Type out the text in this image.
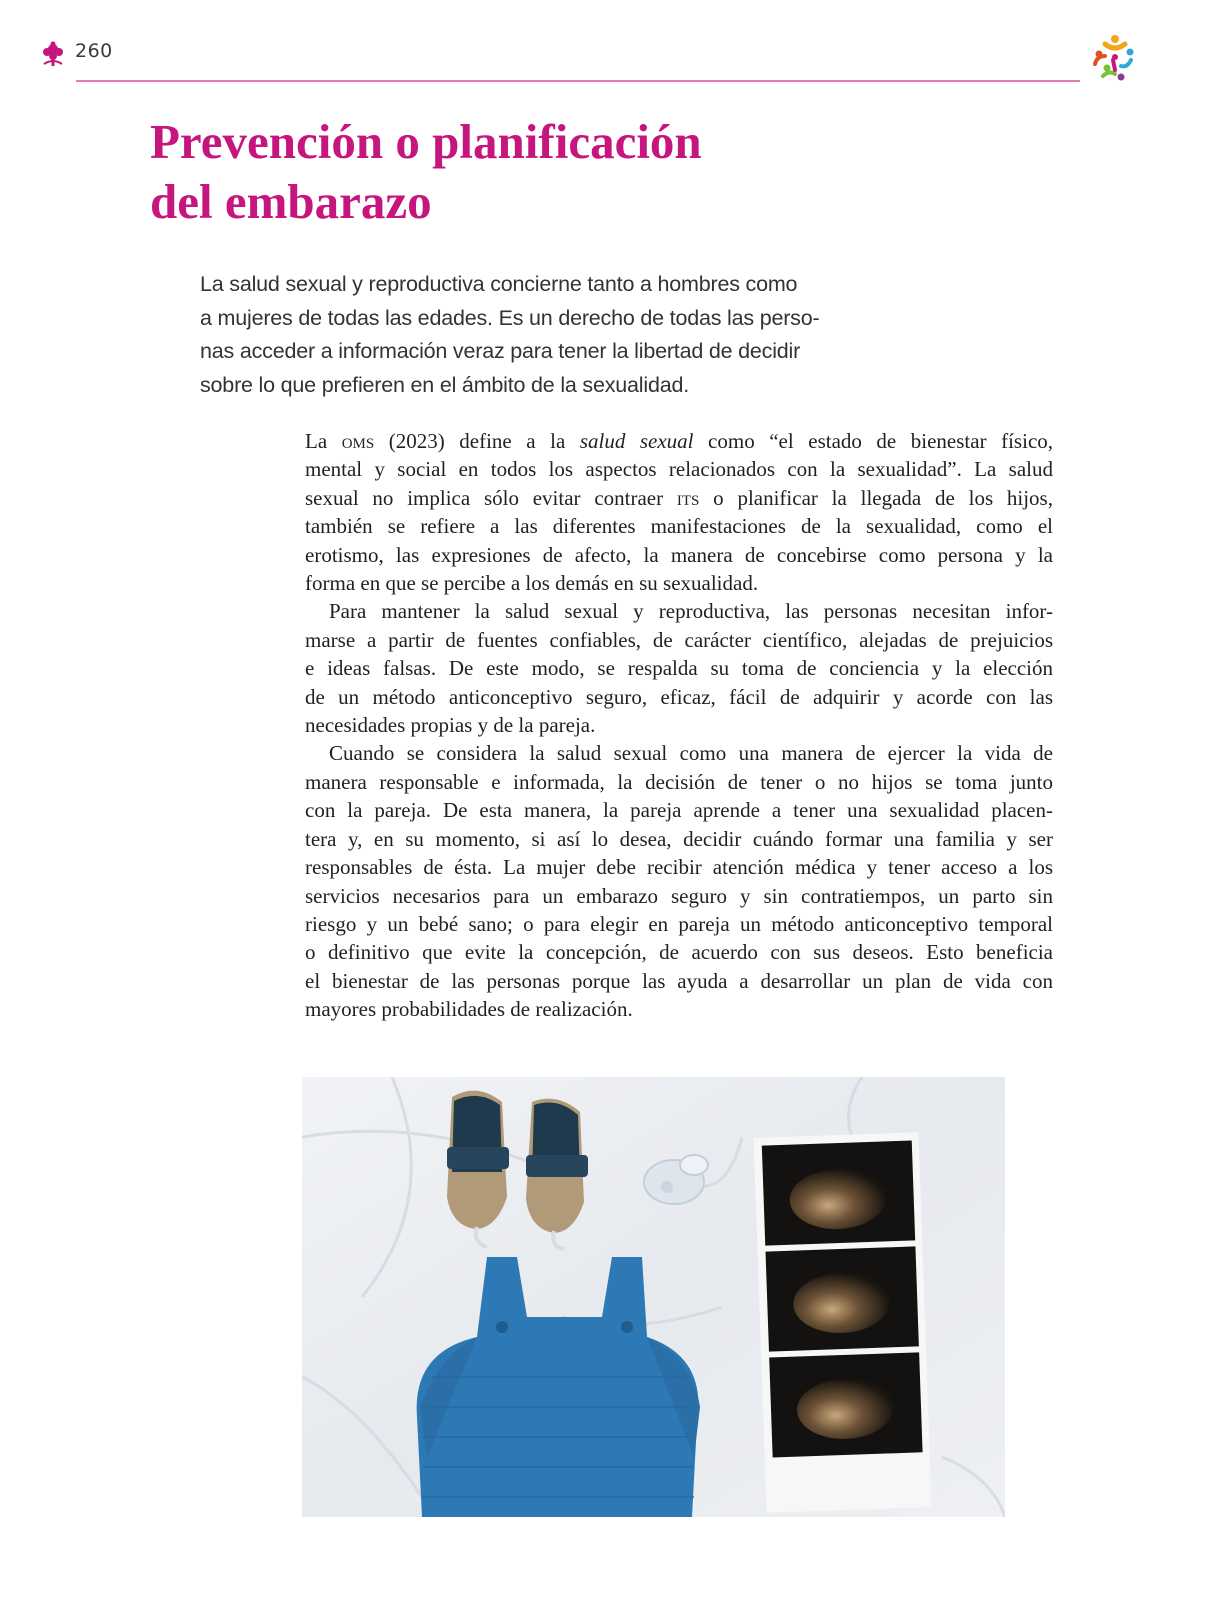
260
Prevención o planificación
del embarazo

La salud sexual y reproductiva concierne tanto a hombres como
a mujeres de todas las edades. Es un derecho de todas las perso-
nas acceder a información veraz para tener la libertad de decidir
sobre lo que prefieren en el ámbito de la sexualidad.

La oms (2023) define a la salud sexual como “el estado de bienestar físico,
mental y social en todos los aspectos relacionados con la sexualidad”. La salud
sexual no implica sólo evitar contraer its o planificar la llegada de los hijos,
también se refiere a las diferentes manifestaciones de la sexualidad, como el
erotismo, las expresiones de afecto, la manera de concebirse como persona y la
forma en que se percibe a los demás en su sexualidad.
Para mantener la salud sexual y reproductiva, las personas necesitan infor-
marse a partir de fuentes confiables, de carácter científico, alejadas de prejuicios
e ideas falsas. De este modo, se respalda su toma de conciencia y la elección
de un método anticonceptivo seguro, eficaz, fácil de adquirir y acorde con las
necesidades propias y de la pareja.
Cuando se considera la salud sexual como una manera de ejercer la vida de
manera responsable e informada, la decisión de tener o no hijos se toma junto
con la pareja. De esta manera, la pareja aprende a tener una sexualidad placen-
tera y, en su momento, si así lo desea, decidir cuándo formar una familia y ser
responsables de ésta. La mujer debe recibir atención médica y tener acceso a los
servicios necesarios para un embarazo seguro y sin contratiempos, un parto sin
riesgo y un bebé sano; o para elegir en pareja un método anticonceptivo temporal
o definitivo que evite la concepción, de acuerdo con sus deseos. Esto beneficia
el bienestar de las personas porque las ayuda a desarrollar un plan de vida con
mayores probabilidades de realización.
